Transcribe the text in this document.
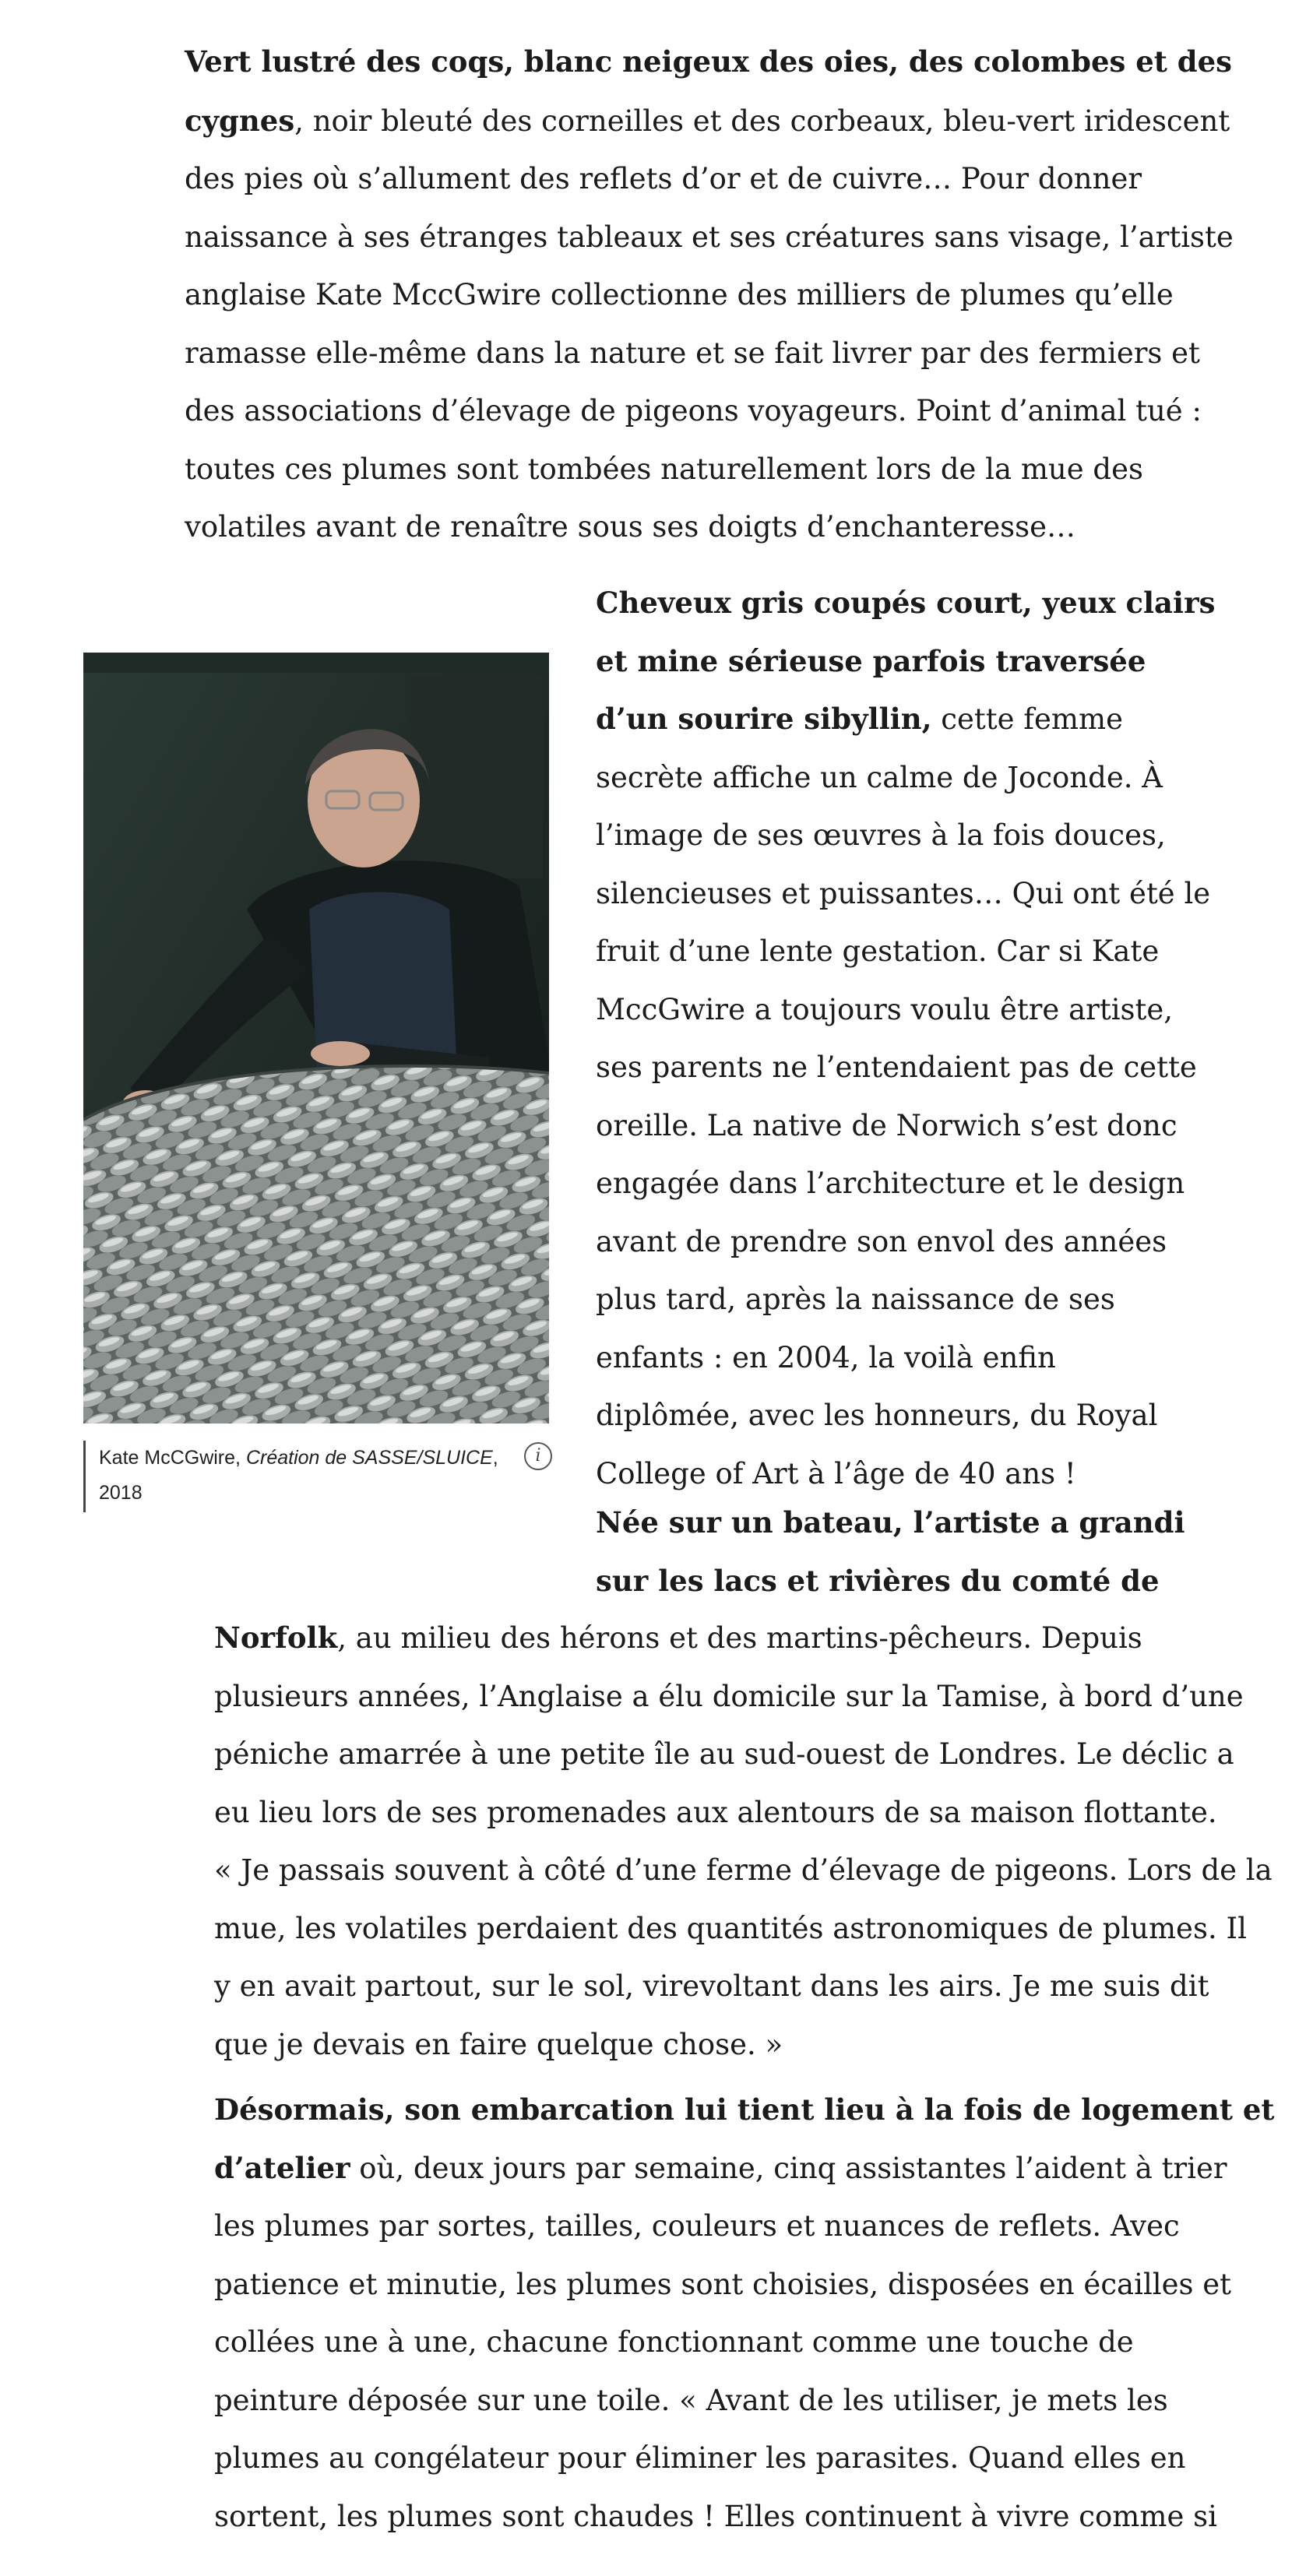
Vert lustré des coqs, blanc neigeux des oies, des colombes et des
cygnes, noir bleuté des corneilles et des corbeaux, bleu-vert iridescent
des pies où s’allument des reflets d’or et de cuivre… Pour donner
naissance à ses étranges tableaux et ses créatures sans visage, l’artiste
anglaise Kate MccGwire collectionne des milliers de plumes qu’elle
ramasse elle-même dans la nature et se fait livrer par des fermiers et
des associations d’élevage de pigeons voyageurs. Point d’animal tué :
toutes ces plumes sont tombées naturellement lors de la mue des
volatiles avant de renaître sous ses doigts d’enchanteresse…
Kate McCGwire, Création de SASSE/SLUICE,
2018
i
Cheveux gris coupés court, yeux clairs
et mine sérieuse parfois traversée
d’un sourire sibyllin, cette femme
secrète affiche un calme de Joconde. À
l’image de ses œuvres à la fois douces,
silencieuses et puissantes… Qui ont été le
fruit d’une lente gestation. Car si Kate
MccGwire a toujours voulu être artiste,
ses parents ne l’entendaient pas de cette
oreille. La native de Norwich s’est donc
engagée dans l’architecture et le design
avant de prendre son envol des années
plus tard, après la naissance de ses
enfants : en 2004, la voilà enfin
diplômée, avec les honneurs, du Royal
College of Art à l’âge de 40 ans !
Née sur un bateau, l’artiste a grandi
sur les lacs et rivières du comté de
Norfolk, au milieu des hérons et des martins-pêcheurs. Depuis
plusieurs années, l’Anglaise a élu domicile sur la Tamise, à bord d’une
péniche amarrée à une petite île au sud-ouest de Londres. Le déclic a
eu lieu lors de ses promenades aux alentours de sa maison flottante.
« Je passais souvent à côté d’une ferme d’élevage de pigeons. Lors de la
mue, les volatiles perdaient des quantités astronomiques de plumes. Il
y en avait partout, sur le sol, virevoltant dans les airs. Je me suis dit
que je devais en faire quelque chose. »
Désormais, son embarcation lui tient lieu à la fois de logement et
d’atelier où, deux jours par semaine, cinq assistantes l’aident à trier
les plumes par sortes, tailles, couleurs et nuances de reflets. Avec
patience et minutie, les plumes sont choisies, disposées en écailles et
collées une à une, chacune fonctionnant comme une touche de
peinture déposée sur une toile. « Avant de les utiliser, je mets les
plumes au congélateur pour éliminer les parasites. Quand elles en
sortent, les plumes sont chaudes ! Elles continuent à vivre comme si
